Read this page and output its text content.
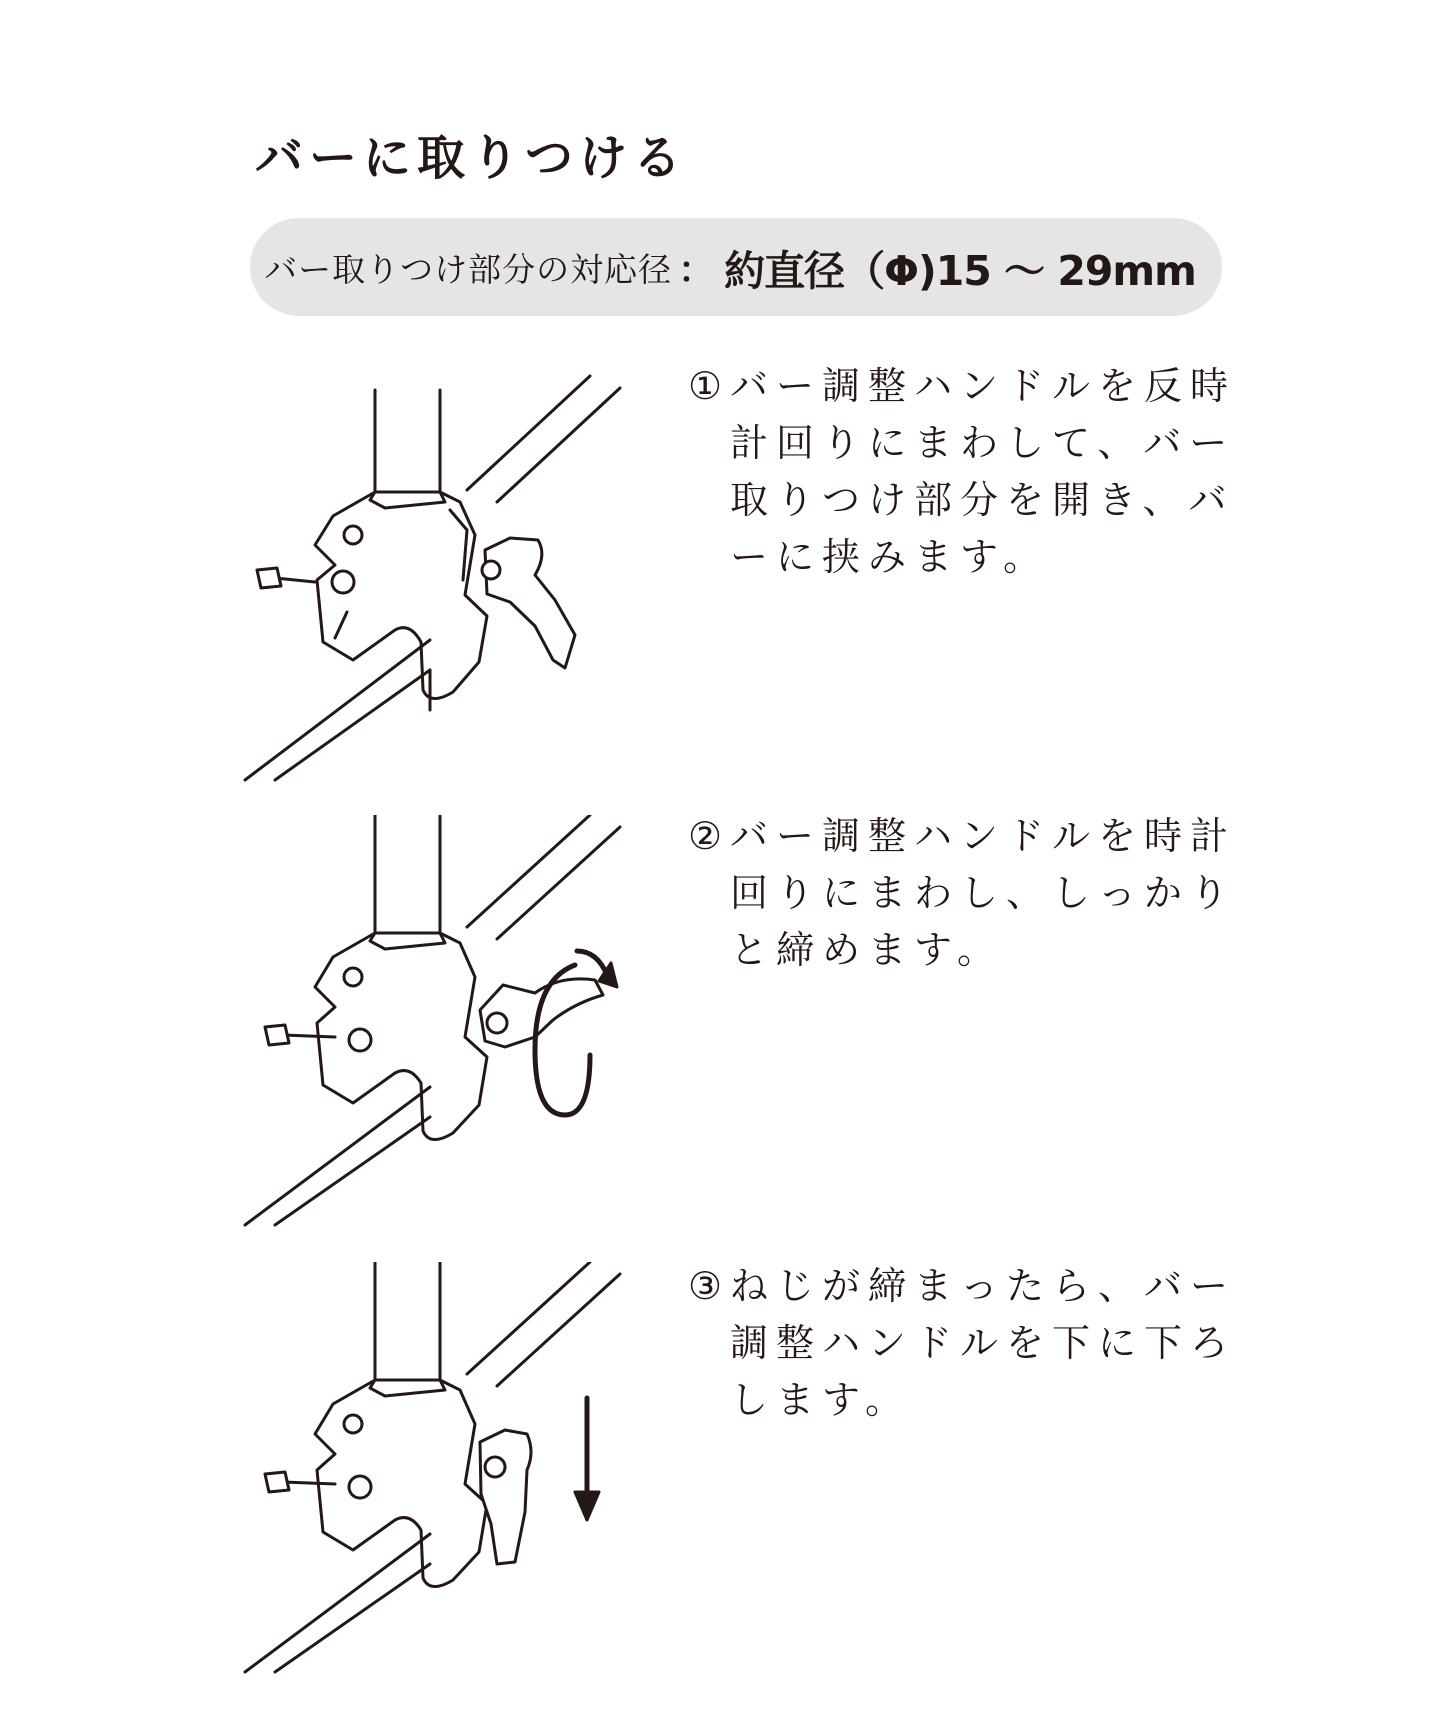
バーに取りつける
バー取りつけ部分の対応径 ： 約直径（Φ)15 ～ 29mm

① バー調整ハンドルを反時計回りにまわして、バー取りつけ部分を開き、バーに挟みます。

② バー調整ハンドルを時計回りにまわし、しっかりと締めます。

③ ねじが締まったら、バー調整ハンドルを下に下ろします。
